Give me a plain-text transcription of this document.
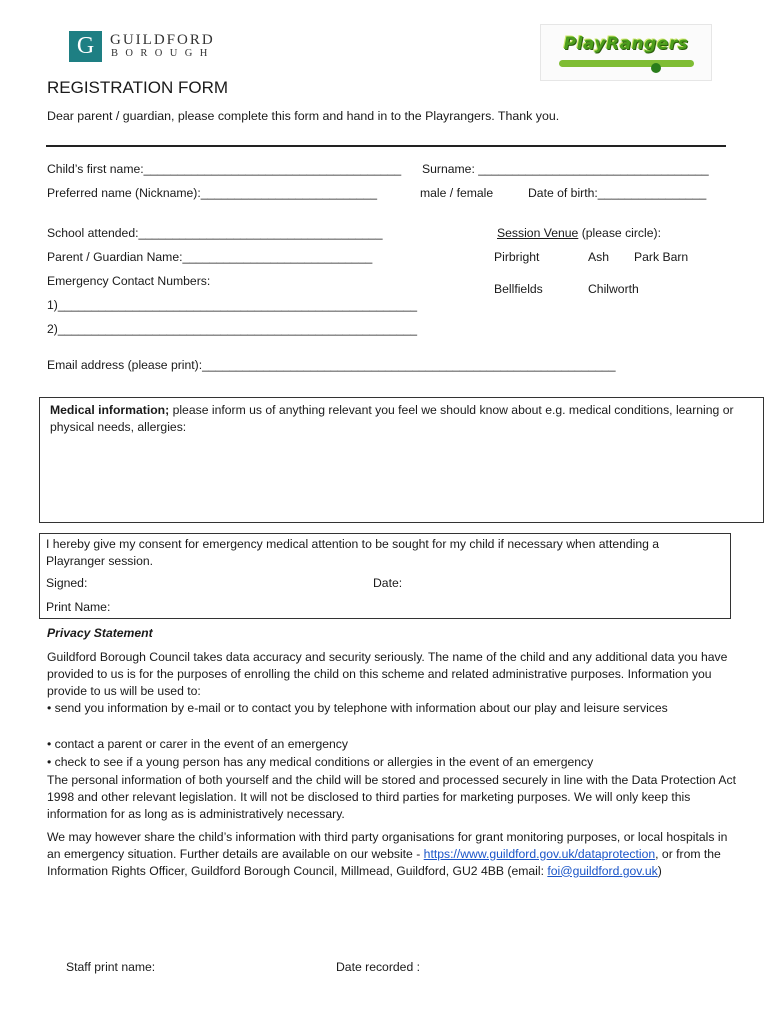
G	GUILDFORD
BOROUGH	PlayRangers
REGISTRATION FORM
Dear parent / guardian, please complete this form and hand in to the Playrangers. Thank you.
Child’s first name:______________________________________ Surname: __________________________________
Preferred name (Nickname):__________________________	male / female	Date of birth:________________
School attended:____________________________________	Session Venue (please circle):
Parent / Guardian Name:____________________________	Pirbright	Ash Park Barn
Emergency Contact Numbers:
Bellfields	Chilworth
1)_____________________________________________________
2)_____________________________________________________
Email address (please print):_____________________________________________________________
Medical information; please inform us of anything relevant you feel we should know about e.g. medical conditions, learning or physical needs, allergies:
I hereby give my consent for emergency medical attention to be sought for my child if necessary when attending a Playranger session.
Signed:	Date:
Print Name:
Privacy Statement
Guildford Borough Council takes data accuracy and security seriously. The name of the child and any additional data you have provided to us is for the purposes of enrolling the child on this scheme and related administrative purposes. Information you provide to us will be used to:
• send you information by e-mail or to contact you by telephone with information about our play and leisure services
• contact a parent or carer in the event of an emergency
• check to see if a young person has any medical conditions or allergies in the event of an emergency
The personal information of both yourself and the child will be stored and processed securely in line with the Data Protection Act 1998 and other relevant legislation. It will not be disclosed to third parties for marketing purposes. We will only keep this information for as long as is administratively necessary.
We may however share the child’s information with third party organisations for grant monitoring purposes, or local hospitals in an emergency situation. Further details are available on our website - https://www.guildford.gov.uk/dataprotection, or from the Information Rights Officer, Guildford Borough Council, Millmead, Guildford, GU2 4BB (email: foi@guildford.gov.uk)
Staff print name:	Date recorded :
